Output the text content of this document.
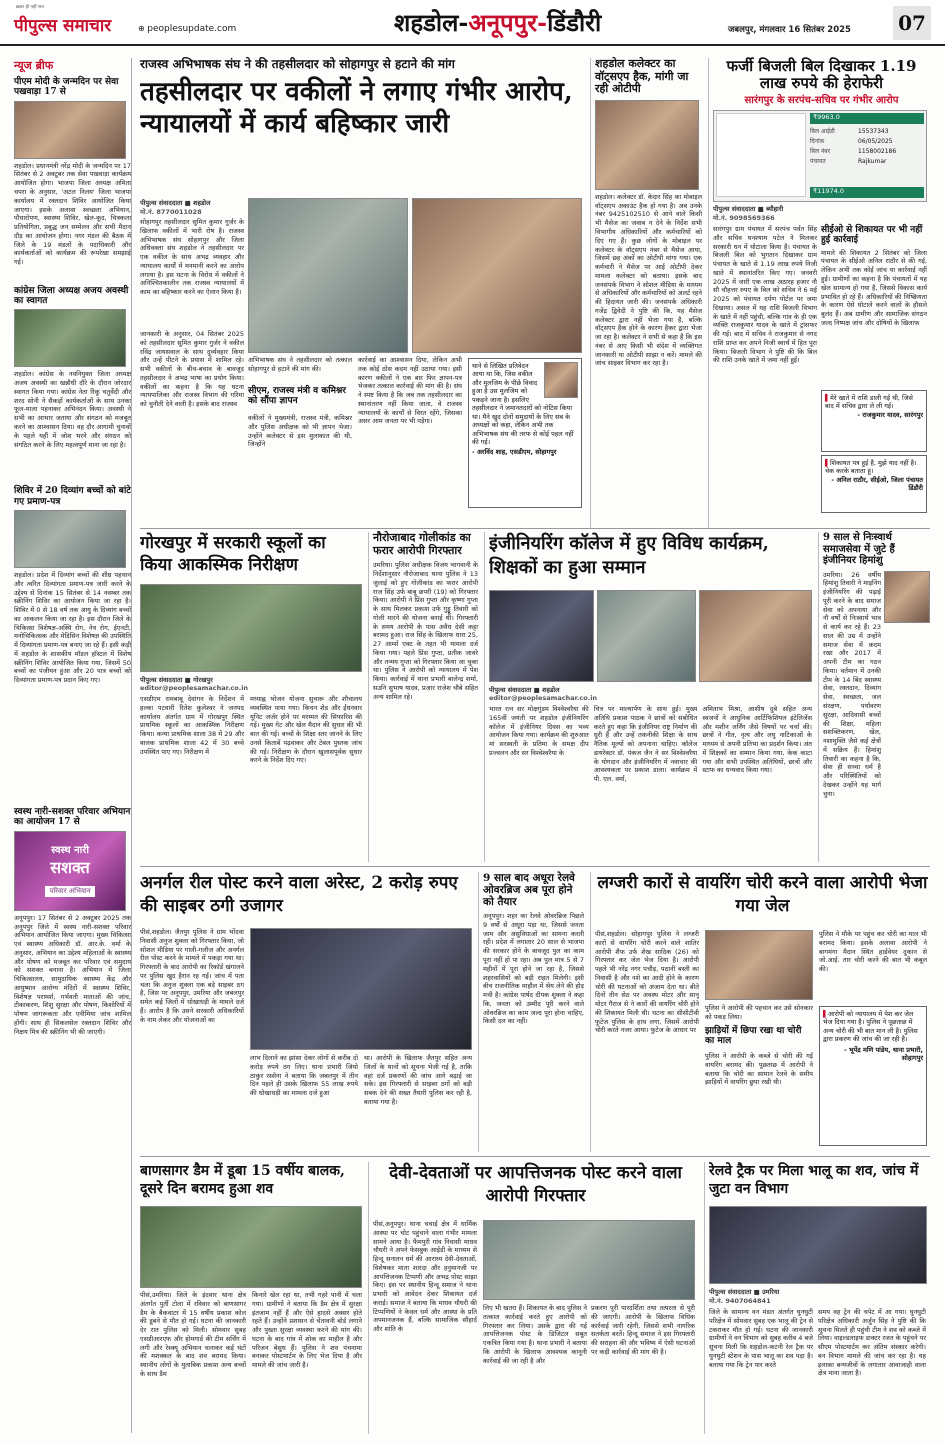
ख़बर ही नहीं सच
पीपुल्स समाचार	⊕ peoplesupdate.com	शहडोल-अनूपपुर-डिंडौरी	जबलपुर, मंगलवार 16 सितंबर 2025 07
न्यूज ब्रीफ
पीएम मोदी के जन्मदिन पर सेवा पखवाड़ा 17 से
शहडोल। प्रधानमंत्री नरेंद्र मोदी के जन्मदिन पर 17 सितंबर से 2 अक्टूबर तक सेवा पखवाड़ा कार्यक्रम आयोजित होगा। भाजपा जिला अध्यक्ष अमिता चपरा के अनुसार, 'अटल निलय' जिला भाजपा कार्यालय में रक्तदान शिविर आयोजित किया जाएगा। इसके अलावा स्वच्छता अभियान, पौधारोपण, स्वास्थ्य शिविर, खेल-कूद, चित्रकला प्रतियोगिता, प्रबुद्ध जन सम्मेलन और सभी मैदान दौड़ का आयोजन होगा। नगर मंडल की बैठक में जिले के 19 मंडलों के पदाधिकारी और कार्यकर्ताओं को कार्यक्रम की रूपरेखा समझाई गई।
कांग्रेस जिला अध्यक्ष अजय अवस्थी का स्वागत
शहडोल। कांग्रेस के नवनियुक्त जिला अध्यक्ष अजय अवस्थी का खन्नौधी दौरे के दौरान जोरदार स्वागत किया गया। कांग्रेस नेता रिंकू चतुर्वेदी और शरद सोनी ने सैकड़ों कार्यकर्ताओं के साथ उनका फूल-माला पहनाकर अभिनंदन किया। अवस्थी ने सभी का आभार जताया और संगठन को मजबूत करने का आश्वासन दिया। वह दौर आगामी चुनावों के पहले यहीं में जोश भरने और संगठन को संगठित करने के लिए महत्वपूर्ण माना जा रहा है।
शिविर में 20 दिव्यांग बच्चों को बांटे गए प्रमाण-पत्र
शहडोल। प्रदेश में दिव्यांग बच्चों की शीघ्र पहचान और त्वरित दिव्यांगता प्रमाण-पत्र जारी करने के उद्देश्य से दिनांक 15 सितंबर से 14 नवम्बर तक स्क्रीनिंग शिविर का आयोजन किया जा रहा है। शिविर में 0 से 18 वर्ष तक आयु के दिव्यांग बच्चों का आकलन किया जा रहा है। इस दौरान जिले के चिकित्सा विशेषज्ञ-अस्थि रोग, नेत्र रोग, ईएनटी, मनोचिकित्सक और मेडिसिन विशेषज्ञ की उपस्थिति में दिव्यांगता प्रमाण-पत्र बनाए जा रहे हैं। इसी कड़ी में शहडोल के शासकीय मॉडल हॉस्टल में विशेष स्क्रीनिंग शिविर आयोजित किया गया, जिसमें 50 बच्चों का पंजीयन हुआ और 20 पात्र बच्चों को दिव्यांगता प्रमाण-पत्र प्रदान किए गए।
स्वस्थ नारी-सशक्त परिवार अभियान का आयोजन 17 से
स्वस्थ नारी
सशक्त
परिवार अभियान
अनूपपुर। 17 सितंबर से 2 अक्टूबर 2025 तक अनूपपुर जिले में स्वस्थ नारी-सशक्त परिवार अभियान आयोजित किया जाएगा। मुख्य चिकित्सा एवं स्वास्थ्य अधिकारी डॉ. आर.के. वर्मा के अनुसार, अभियान का उद्देश्य महिलाओं के स्वास्थ्य और पोषण को मजबूत कर परिवार एवं समुदाय को सशक्त बनाना है। अभियान में जिला चिकित्सालय, सामुदायिक स्वास्थ्य केंद्र और आयुष्मान आरोग्य मंदिरों में स्वास्थ्य शिविर, विशेषज्ञ परामर्श, गर्भवती माताओं की जांच, टीकाकरण, शिशु सुरक्षा और पोषण, किशोरियों में पोषण जागरूकता और एनीमिया जांच शामिल होंगी। साथ ही सिकलसेल रक्तदान शिविर और निक्षय मित्र की स्क्रीनिंग भी की जाएगी।
राजस्व अभिभाषक संघ ने की तहसीलदार को सोहागपुर से हटाने की मांग
तहसीलदार पर वकीलों ने लगाए गंभीर आरोप, न्यायालयों में कार्य बहिष्कार जारी
पीपुल्स संवाददाता ■ शहडोल
मो.नं. 8770011028
सोहागपुर तहसीलदार सुमित कुमार गुर्जर के खिलाफ वकीलों में भारी रोष है। राजस्व अभिभाषक संघ सोहागपुर और जिला अधिवक्ता संघ शहडोल ने तहसीलदार पर एक वकील के साथ अभद्र व्यवहार और न्यायालय कार्यों में मनमानी करने का आरोप लगाया है। इस घटना के विरोध में वकीलों ने अनिश्चितकालीन तक राजस्व न्यायालयों में काम का बहिष्कार करने का ऐलान किया है।
जानकारी के अनुसार, 04 सितंबर 2025 को तहसीलदार सुमित कुमार गुर्जर ने वकील रविंद्र जायसवाल के साथ दुर्व्यवहार किया और उन्हें पीटने के प्रयास में शामिल रहे। सभी वकीलों के बीच-बचाव के बावजूद तहसीलदार ने अभद्र भाषा का प्रयोग किया। वकीलों का कहना है कि यह घटना न्यायपालिका और राजस्व विभाग की गरिमा को चुनौती देने वाली है। इसके बाद राजस्व
अभिभाषक संघ ने तहसीलदार को तत्काल सोहागपुर से हटाने की मांग की।
सीएम, राजस्व मंत्री व कमिश्नर को सौंपा ज्ञापन
वकीलों ने मुख्यमंत्री, राजस्व मंत्री, कमिश्नर और पुलिस अधीक्षक को भी ज्ञापन भेजा। उन्होंने कलेक्टर से इस मुलाकात की थी, जिन्होंने
कार्रवाई का आश्वासन दिया, लेकिन अभी तक कोई ठोस कदम नहीं उठाया गया। इसी कारण वकीलों ने एक बार फिर ज्ञापन-पत्र भेजकर तत्काल कार्रवाई की मांग की है। संघ ने स्पष्ट किया है कि जब तक तहसीलदार का स्थानांतरण नहीं किया जाता, वे राजस्व न्यायालयों के कार्यों से विरत रहेंगे, जिसका असर आम जनता पर भी पड़ेगा।
थाने से लिखित प्रतिवेदन आया था कि, जिस वकील और मुलजिम के पीछे विवाद हुआ है उस मुलजिम को पकड़ने जाना है। इसलिए तहसीलदार ने जमानतदारों को नोटिस किया था। मैने खुद दोनों समुदायों के लिए सब के अध्यक्षों को कहा, लेकिन अभी तक अभिभाषक संघ की तरफ से कोई पहल नहीं की गई।
- अरविंद शाह, एसडीएम, सोहागपुर
शहडोल कलेक्टर का वॉट्सएप हैक, मांगी जा रही ओटीपी
शहडोल। कलेक्टर डॉ. केदार सिंह का मोबाइल वॉट्सएप अकाउंट हैक हो गया है। अब उनके नंबर 9425102510 से आने वाले किसी भी मैसेज का जवाब न देने के निर्देश सभी विभागीय अधिकारियों और कर्मचारियों को दिए गए हैं। कुछ लोगों के मोबाइल पर कलेक्टर के वॉट्सएप नंबर से मैसेज आया, जिसमें छह अंकों का ओटीपी मांगा गया। एक कर्मचारी ने मैसेज पर आई ओटीपी देकर मामला कलेक्टर को बताया। इसके बाद जनसंपर्क विभाग ने सोशल मीडिया के माध्यम से अधिकारियों और कर्मचारियों को अलर्ट रहने की हिदायत जारी की। जनसंपर्क अधिकारी गजेंद्र द्विवेदी ने पुष्टि की कि, यह मैसेज कलेक्टर द्वारा नहीं भेजा गया है, बल्कि वॉट्सएप हैक होने के कारण हैकर द्वारा भेजा जा रहा है। कलेक्टर ने सभी से कहा है कि इस नंबर से आए किसी भी संदेश में व्यक्तिगत जानकारी या ओटीपी साझा न करें। मामले की जांच साइबर विभाग कर रहा है।
फर्जी बिजली बिल दिखाकर 1.19 लाख रुपये की हेराफेरी
सारंगपुर के सरपंच-सचिव पर गंभीर आरोप
₹9963.0
बिल आईडी	15537343
दिनांक	06/05/2025
बिल नंबर	1158002186
पंचायत	Rajkumar
₹11974.0
पीपुल्स संवाददाता ■ ब्यौहारी
मो.नं. 9098569366
सारंगपुर ग्राम पंचायत में सरपंच पर्वत सिंह और सचिव घनश्याम पटेल ने मिलकर सरकारी धन में घोटाला किया है। पंचायत के बिजली बिल को भुगतान दिखाकर ग्राम पंचायत के खाते से 1.19 लाख रुपये निजी खाते में स्थानांतरित किए गए। जनवरी 2025 में जारी एक लाख अठारह हजार नौ सौ चौहत्तर रुपए के बिल को सचिव ने 6 मई 2025 को पंचायत दर्पण पोर्टल पर जमा दिखाया। असल में यह राशि बिजली विभाग के खाते में नहीं पहुंची, बल्कि गांव के ही एक व्यक्ति राजकुमार यादव के खाते में ट्रांसफर की गई। बाद में सचिव ने राजकुमार से नगद राशि प्राप्त कर अपने निजी स्वार्थ में हित पूरा किया। बिजली विभाग ने पुष्टि की कि बिल की राशि उनके खाते में जमा नहीं हुई।
सीईओ से शिकायत पर भी नहीं हुई कार्रवाई
मामले की शिकायत 2 सितंबर को जिला पंचायत के सीईओ अनिल राठौर से की गई, लेकिन अभी तक कोई जांच या कार्रवाई नहीं हुई। ग्रामीणों का कहना है कि पंचायतों में यह खेल सामान्य हो गया है, जिससे विकास कार्य प्रभावित हो रहे हैं। अधिकारियों की निष्क्रियता के कारण ऐसे घोटाले करने वालों के हौसले बुलंद हैं। अब ग्रामीण और सामाजिक संगठन जल्द निष्पक्ष जांच और दोषियों के खिलाफ
▌मेरे खाते में राशि डाली गई थी, जिसे बाद में सचिव द्वारा ले ली गई।
- राजकुमार यादव, सारंगपुर
▌शिकायत पत्र हुई है, मुझे याद नहीं है। चेक करके बताता हूं।
- अनिल राठौर, सीईओ, जिला पंचायत डिंडौरी
गोरखपुर में सरकारी स्कूलों का किया आकस्मिक निरीक्षण
पीपुल्स संवाददाता ■ गोरखपुर
editor@peoplesamachar.co.in
एसडीएम रामबाबू देवांगन के निर्देशन में हल्का पटवारी रितेश कुलेश्वर ने जनपद कार्यालय अंतर्गत ग्राम में गोरखपुर स्थित प्राथमिक स्कूलों का आकस्मिक निरीक्षण किया। कन्या प्राथमिक शाला 38 में 29 और बालक प्राथमिक शाला 42 में 30 बच्चे उपस्थित पाए गए। निरीक्षण में
मध्याह्न भोजन योजना सुचारू और शौचालय व्यवस्थित पाया गया। किचन शेड और ईंधनवार यूनिट जर्जर होने पर मरम्मत की सिफारिश की गई। मुख्य गेट और खेल मैदान की सुधार की भी बात की गई। बच्चों के शिक्षा स्तर जानने के लिए उनसे किताबें पढ़वाकर और टेबल पुस्तक जांच की गई। निरीक्षण के दौरान खुलासपूर्वक सुधार करने के निर्देश दिए गए।
नौरोजाबाद गोलीकांड का फरार आरोपी गिरफ्तार
उमरिया। पुलिस अधीक्षक विजय भागवानी के निर्देशानुसार नौरोजाबाद थाना पुलिस ने 13 जुलाई को हुए गोलीकांड का फरार आरोपी राज सिंह उर्फ बाबू छपरी (19) को गिरफ्तार किया। आरोपी ने प्रिंस गुप्ता और कृष्णा गुप्ता के साथ मिलकर प्रकाश उर्फ गुड्डू तिवारी को गोली मारने की योजना बनाई थी। गिरफ्तारी के समय आरोपी के पास अवैध देसी कट्टा बरामद हुआ। राज सिंह के खिलाफ धारा 25, 27 आर्म्स एक्ट के तहत भी मामला दर्ज किया गया। पहले प्रिंस गुप्ता, प्रतीक जावरे और तन्मय गुप्ता को गिरफ्तार किया जा चुका था। पुलिस ने आरोपी को न्यायालय में पेश किया। कार्रवाई में थाना प्रभारी बालेन्द्र शर्मा, सउनि सुभाष यादव, प्रआर राजेश चौबे सहित अन्य शामिल रहे।
इंजीनियरिंग कॉलेज में हुए विविध कार्यक्रम, शिक्षकों का हुआ सम्मान
पीपुल्स संवाददाता ■ शहडोल
editor@peoplesamachar.co.in
भारत रत्न सर मोक्षगुंडम विश्वेश्वरैया की 165वीं जयंती पर शहडोल इंजीनियरिंग कॉलेज में इंजीनियर दिवस का भव्य आयोजन किया गया। कार्यक्रम की शुरुआत मां सरस्वती के प्रतिमा के समक्ष दीप प्रज्वलन और सर विश्वेश्वरैया के
चित्र पर माल्यार्पण के साथ हुई। मुख्य अतिथि प्रकाश पाठक ने छात्रों को संबोधित करते हुए कहा कि इंजीनियर राष्ट्र निर्माण की धुरी हैं और उन्हें तकनीकी शिक्षा के साथ नैतिक मूल्यों को अपनाना चाहिए। कॉलेज डायरेक्टर डॉ. पंकज जैन ने सर विश्वेश्वरैया के योगदान और इंजीनियरिंग में नवाचार की आवश्यकता पर प्रकाश डाला। कार्यक्रम में पी. एल. वर्मा,
अमिताभ मिश्रा, आशीष दुबे सहित अन्य स्वजनों ने आधुनिक आर्टिफिशियल इंटेलिजेंस और मशीन लर्निंग जैसे विषयों पर चर्चा की। छात्रों ने गीत, नृत्य और लघु नाटिकाओं के माध्यम से अपनी प्रतिभा का प्रदर्शन किया। अंत में शिक्षकों का सम्मान किया गया, केक काटा गया और सभी उपस्थित अतिथियों, छात्रों और स्टाफ का धन्यवाद किया गया।
9 साल से निःस्वार्थ समाजसेवा में जुटे हैं इंजीनियर हिमांशु
उमरिया। 26 वर्षीय हिमांशु तिवारी ने माइनिंग इंजीनियरिंग की पढ़ाई पूरी करने के बाद समाज सेवा को अपनाया और नौ वर्षों से निःस्वार्थ भाव से कार्य कर रहे हैं। 23 साल की उम्र में उन्होंने समाज सेवा में कदम रखा और 2017 में अपनी टीम का गठन किया। वर्तमान में उनकी टीम के 14 बिंद स्वास्थ्य सेवा, रक्तदान, दिव्यांग सेवा, स्वच्छता, जल संरक्षण, पर्यावरण सुरक्षा, आदिवासी बच्चों की शिक्षा, महिला सशक्तिकरण, खेल, नशामुक्ति जैसे कई क्षेत्रों में सक्रिय हैं। हिमांशु तिवारी का कहना है कि, सेवा ही सच्चा धर्म है और परिस्थितियों को देखकर उन्होंने यह मार्ग चुना।
अनर्गल रील पोस्ट करने वाला अरेस्ट, 2 करोड़ रुपए की साइबर ठगी उजागर
पीसं,शहडोल। जैतपुर पुलिस ने ग्राम भोंदवा निवासी अनुज शुक्ला को गिरफ्तार किया, जो सोशल मीडिया पर गाली-गलौज और अनर्गल रील पोस्ट करने के मामले में पकड़ा गया था। गिरफ्तारी के बाद आरोपी का रिकॉर्ड खंगालने पर पुलिस खुद हैरान रह गई। जांच में पता चला कि अनुज शुक्ला एक बड़े साइबर ठग है, जिस पर अनूपपुर, उमरिया और जबलपुर समेत कई जिलों में धोखाधड़ी के मामले दर्ज हैं। आरोप है कि उसने सरकारी अधिकारियों के नाम लेकर और योजनाओं का
लाभ दिलाने का झांसा देकर लोगों से करीब दो करोड़ रुपये ठग लिए। थाना प्रभारी जियो ठाकुर रस्सेना ने बताया कि जबलपुर में तीन दिन पहले ही उसके खिलाफ 55 लाख रुपये की धोखाधड़ी का मामला दर्ज हुआ
था। आरोपी के खिलाफ जैतपुर सहित अन्य जिलों के थानों को सूचना भेजी गई है, ताकि वहां दर्ज प्रकरणों की जांच आगे बढ़ाई जा सके। इस गिरफ्तारी से साइबर ठगों को बड़ी सबक देने की सख्त तैयारी पुलिस कर रही है, बताया गया है।
9 साल बाद अधूरा रेलवे ओवरब्रिज अब पूरा होने को तैयार
अनूपपुर। शहर का रेलवे ओवरब्रिज पिछले 9 वर्षों से अधूरा पड़ा था, जिससे जनता जाम और असुविधाओं का सामना करती रही। प्रदेश में लगातार 20 साल से भाजपा की सरकार होने के बावजूद पुल का काम पूरा नहीं हो पा रहा। अब पुल मात्र 5 से 7 महीनों में पूरा होने जा रहा है, जिससे शहरवासियों को बड़ी राहत मिलेगी। इसी बीच राजनीतिक माहौल में श्रेय लेने की होड़ मची है। कांग्रेस पार्षद दीपक शुक्ला ने कहा कि, जनता को उम्मीद पूरी करने वाले ओवरब्रिज का काम जल्द पूरा होना चाहिए, किसी दल का नहीं।
लग्जरी कारों से वायरिंग चोरी करने वाला आरोपी भेजा गया जेल
पीसं,शहडोल। सोहागपुर पुलिस ने लग्जरी कारों से वायरिंग चोरी करने वाले शातिर आरोपी शैफ उर्फ शेख सादिक (26) को गिरफ्तार कर जेल भेज दिया है। आरोपी पहले भी नरेंद्र नगर पचौड़, पठानी बस्ती का निवासी है और नशे का आदी होने के कारण चोरी की घटनाओं को अंजाम देता था। बीते दिनों तीन सेठ पर अवस्थ मोटर और सानू मोटर गैराज से ने कारों की वायरिंग चोरी होने की शिकायत मिली थी। घटना का सीसीटीवी फुटेज पुलिस के हाथ लगा, जिसमें आरोपी चोरी करते नजर आया। फुटेज के आधार पर
पुलिस ने आरोपी की पहचान कर उसे सोनकार को पकड़ लिया।
झाड़ियों में छिपा रखा था चोरी का माल
पुलिस ने आरोपी के कब्जे से चोरी की गई वायरिंग बरामद की। पूछताछ में आरोपी ने बताया कि चोरी का सामान रेलवे के समीप झाड़ियों में वायरिंग छुपा रखी थी।
पुलिस ने मौके पर पहुंच कर चोरी का माल भी बरामद किया। इसके अलावा आरोपी ने बागमंगा मैदान स्थित हार्डवेयर दुकान से जो.आई. तार चोरी करने की बात भी कबूल की।
▌आरोपी को न्यायालय में पेश कर जेल भेज दिया गया है। पुलिस ने पूछताछ में अन्य चोरी की भी बात मान ली है। पुलिस द्वारा प्रकरण की जांच की जा रही है।
- भूपेंद्र मणि पांडेय, थाना प्रभारी, सोहागपुर
बाणसागर डैम में डूबा 15 वर्षीय बालक, दूसरे दिन बरामद हुआ शव
पीसं,उमरिया। जिले के इंदवार थाना क्षेत्र अंतर्गत पुर्ती टोला में रविवार को बाणसागर डैम के बैकवाटर में 15 वर्षीय प्रकाश कोल की डूबने से मौत हो गई। घटना की जानकारी देर रात पुलिस को मिली। सोमवार सुबह एसडीआरएफ और होमगार्ड की टीम सर्चिंग में लगी और रेस्क्यू अभियान चलाकर कई घंटों की मशक्कत के बाद शव बरामद किया। स्थानीय लोगों के मुताबिक प्रकाश अन्य बच्चों के साथ डैम
किनारे खेल रहा था, तभी गहरे पानी में चला गया। ग्रामीणों ने बताया कि डैम क्षेत्र में सुरक्षा इंतजाम नहीं हैं और ऐसे हादसे अक्सर होते रहते हैं। उन्होंने प्रशासन से चेतावनी बोर्ड लगाने और पुख्ता सुरक्षा व्यवस्था करने की मांग की। घटना के बाद गांव में शोक का माहौल है और परिजन बेसुध हैं। पुलिस ने शव पंचनामा बनाकर पोस्टमार्टम के लिए भेज दिया है और मामले की जांच जारी है।
देवी-देवताओं पर आपत्तिजनक पोस्ट करने वाला आरोपी गिरफ्तार
पीसं,अनूपपुर। थाना चचाई क्षेत्र में धार्मिक आस्था पर चोट पहुंचाने वाला गंभीर मामला सामने आया है। फैमपुरी गांव निवासी माधव चौधरी ने अपने फेसबुक आईडी के माध्यम से हिन्दू सनातन धर्म की आराध्य देवी-देवताओं, विशेषकर माता शारदा और हनुमानजी पर आपत्तिजनक टिप्पणी और अभद्र पोस्ट साझा किए। इस पर स्थानीय हिन्दू समाज ने थाना प्रभारी को आवेदन देकर शिकायत दर्ज कराई। समाज ने बताया कि माधव चौधरी की टिप्पणियों ने केवल धर्म और आस्था के प्रति अपमानजनक हैं, बल्कि सामाजिक सौहार्द और शांति के
लिए भी खतरा हैं। शिकायत के बाद पुलिस ने तत्काल कार्रवाई करते हुए आरोपी को गिरफ्तार कर लिया। उसके द्वारा की गई आपत्तिजनक पोस्ट के डिजिटल सबूत एकत्रित किया गया है। थाना प्रभारी ने बताया कि आरोपी के खिलाफ आवश्यक कानूनी कार्रवाई की जा रही है और
प्रकरण पूरी पारदर्शिता तथा तत्परता से पूरी की जाएगी। आरोपी के खिलाफ विधिक कार्रवाई जारी रहेगी, जिससे सभी नागरिक सतर्कता बरतें। हिन्दू समाज ने इस गिरफ्तारी की सराहना की और भविष्य में ऐसी घटनाओं पर कड़ी कार्रवाई की मांग की है।
रेलवे ट्रैक पर मिला भालू का शव, जांच में जुटा वन विभाग
पीपुल्स संवाददाता ■ उमरिया
मो.नं. 9407064841
जिले के सामान्य वन मंडल अंतर्गत घुनघुटी परिक्षेत्र में सोमवार सुबह एक भालू की ट्रेन से टकराकर मौत हो गई। घटना की जानकारी ग्रामीणों ने वन विभाग को सुबह करीब 4 बजे सूचना मिली कि शहडोल-कटनी रेल ट्रैक पर घुनघुटी स्टेशन के पास भालू का शव पड़ा है। बताया गया कि ट्रेन पार करते
समय वह ट्रेन की चपेट में आ गया। घुनघुटी परिक्षेत्र अधिकारी अर्जुन सिंह ने पुष्टि की कि सूचना मिलते ही पहुंची टीम ने शव को कब्जे में लिया। वाइल्डलाइफ डाक्टर रजत के पहुंचने पर सीएम पोस्टमार्टम कर अंतिम संस्कार करेगी। बन विभाग मामले की जांच कर रहा है। यह इलाका बन्यजीवों के लगातार आवाजाही वाला क्षेत्र माना जाता है।
